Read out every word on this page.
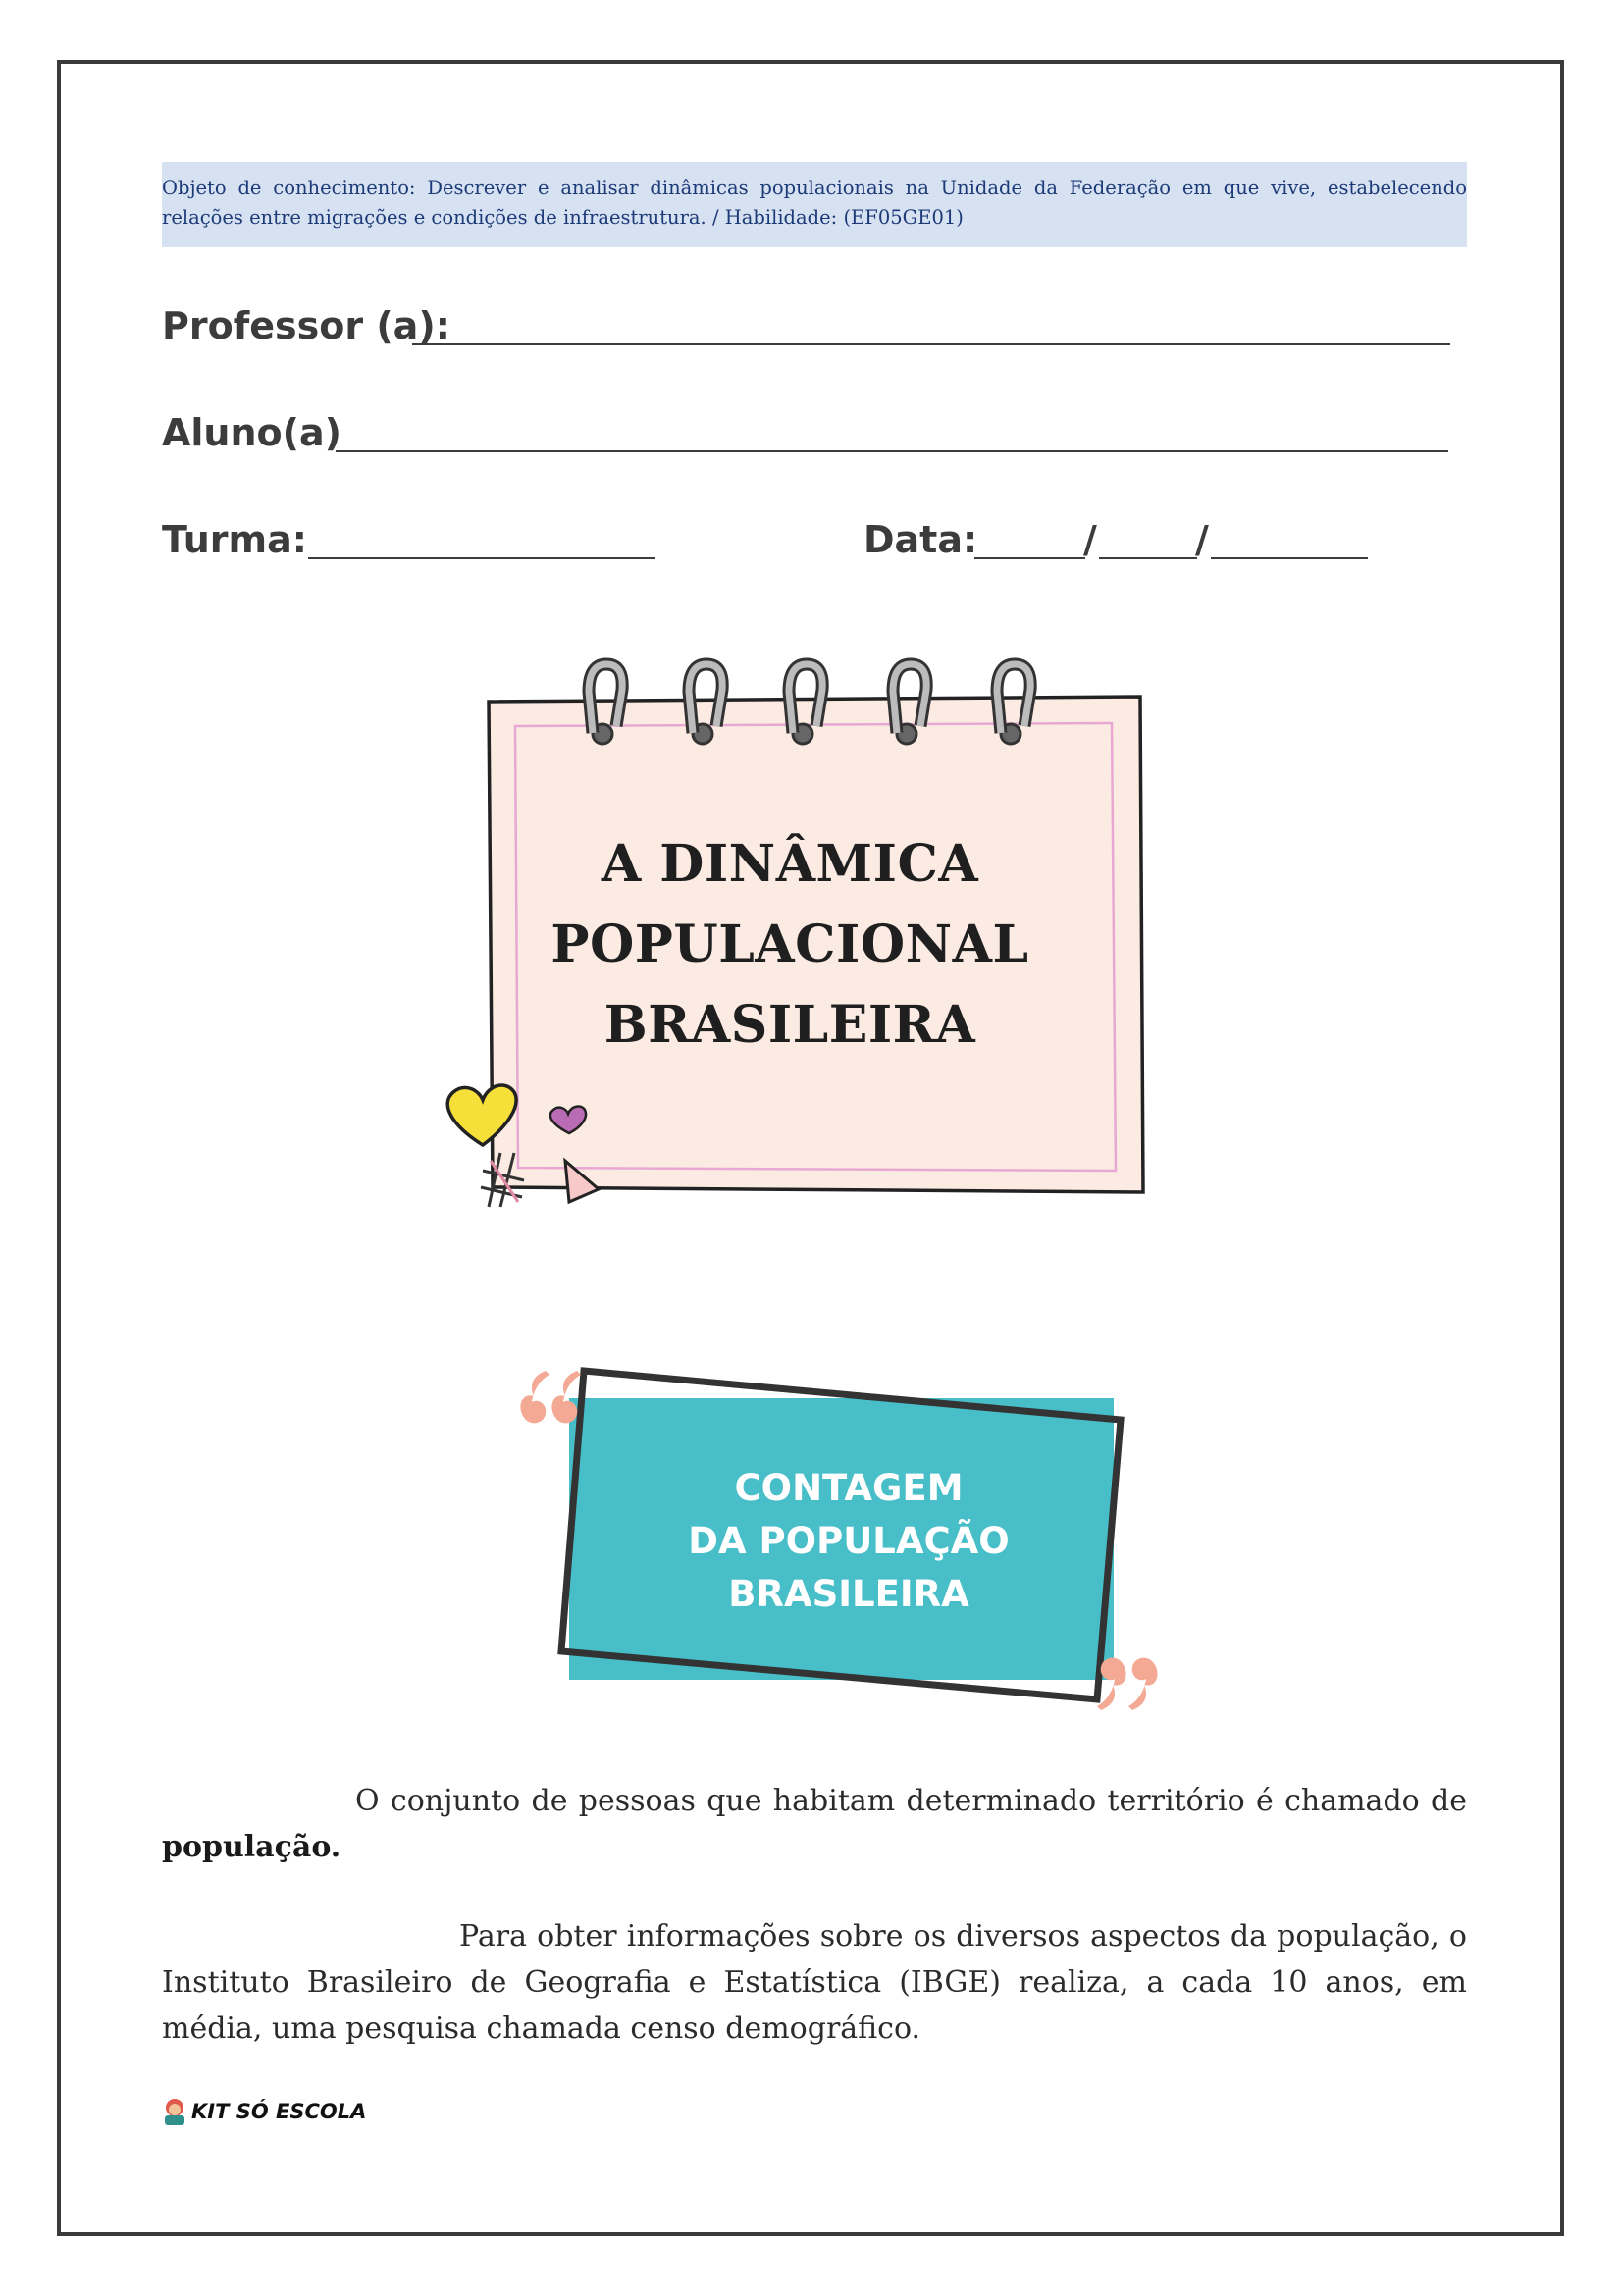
Objeto de conhecimento: Descrever e analisar dinâmicas populacionais na Unidade da Federação em que vive, estabelecendo relações entre migrações e condições de infraestrutura. / Habilidade: (EF05GE01)
Professor (a):
Aluno(a)
Turma:	Data:	/	/
A DINÂMICA
POPULACIONAL
BRASILEIRA
CONTAGEM
DA POPULAÇÃO
BRASILEIRA
O conjunto de pessoas que habitam determinado território é chamado de população.
Para obter informações sobre os diversos aspectos da população, o Instituto Brasileiro de Geografia e Estatística (IBGE) realiza, a cada 10 anos, em média, uma pesquisa chamada censo demográfico.
KIT SÓ ESCOLA
